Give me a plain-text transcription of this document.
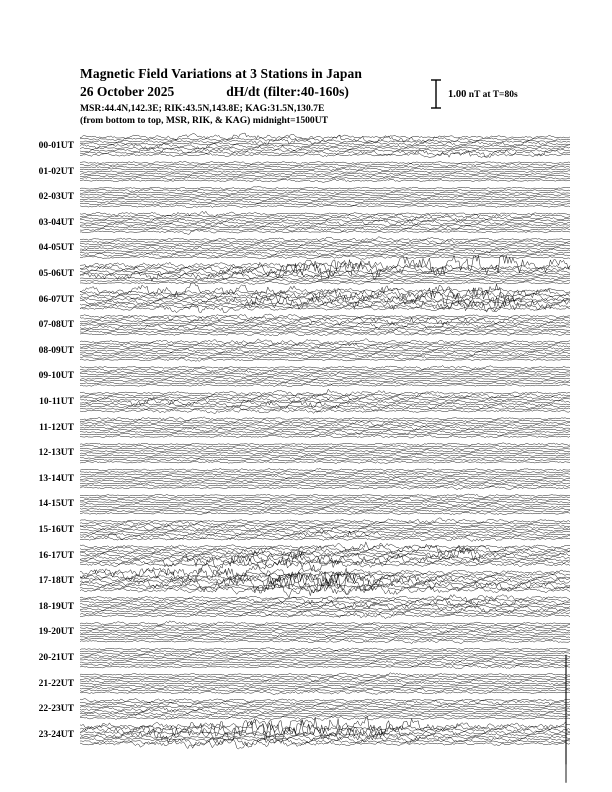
Magnetic Field Variations at 3 Stations in Japan
26 October 2025	dH/dt (filter:40-160s)
MSR:44.4N,142.3E; RIK:43.5N,143.8E; KAG:31.5N,130.7E
(from bottom to top, MSR, RIK, & KAG) midnight=1500UT
1.00 nT at T=80s
00-01UT
01-02UT
02-03UT
03-04UT
04-05UT
05-06UT
06-07UT
07-08UT
08-09UT
09-10UT
10-11UT
11-12UT
12-13UT
13-14UT
14-15UT
15-16UT
16-17UT
17-18UT
18-19UT
19-20UT
20-21UT
21-22UT
22-23UT
23-24UT
